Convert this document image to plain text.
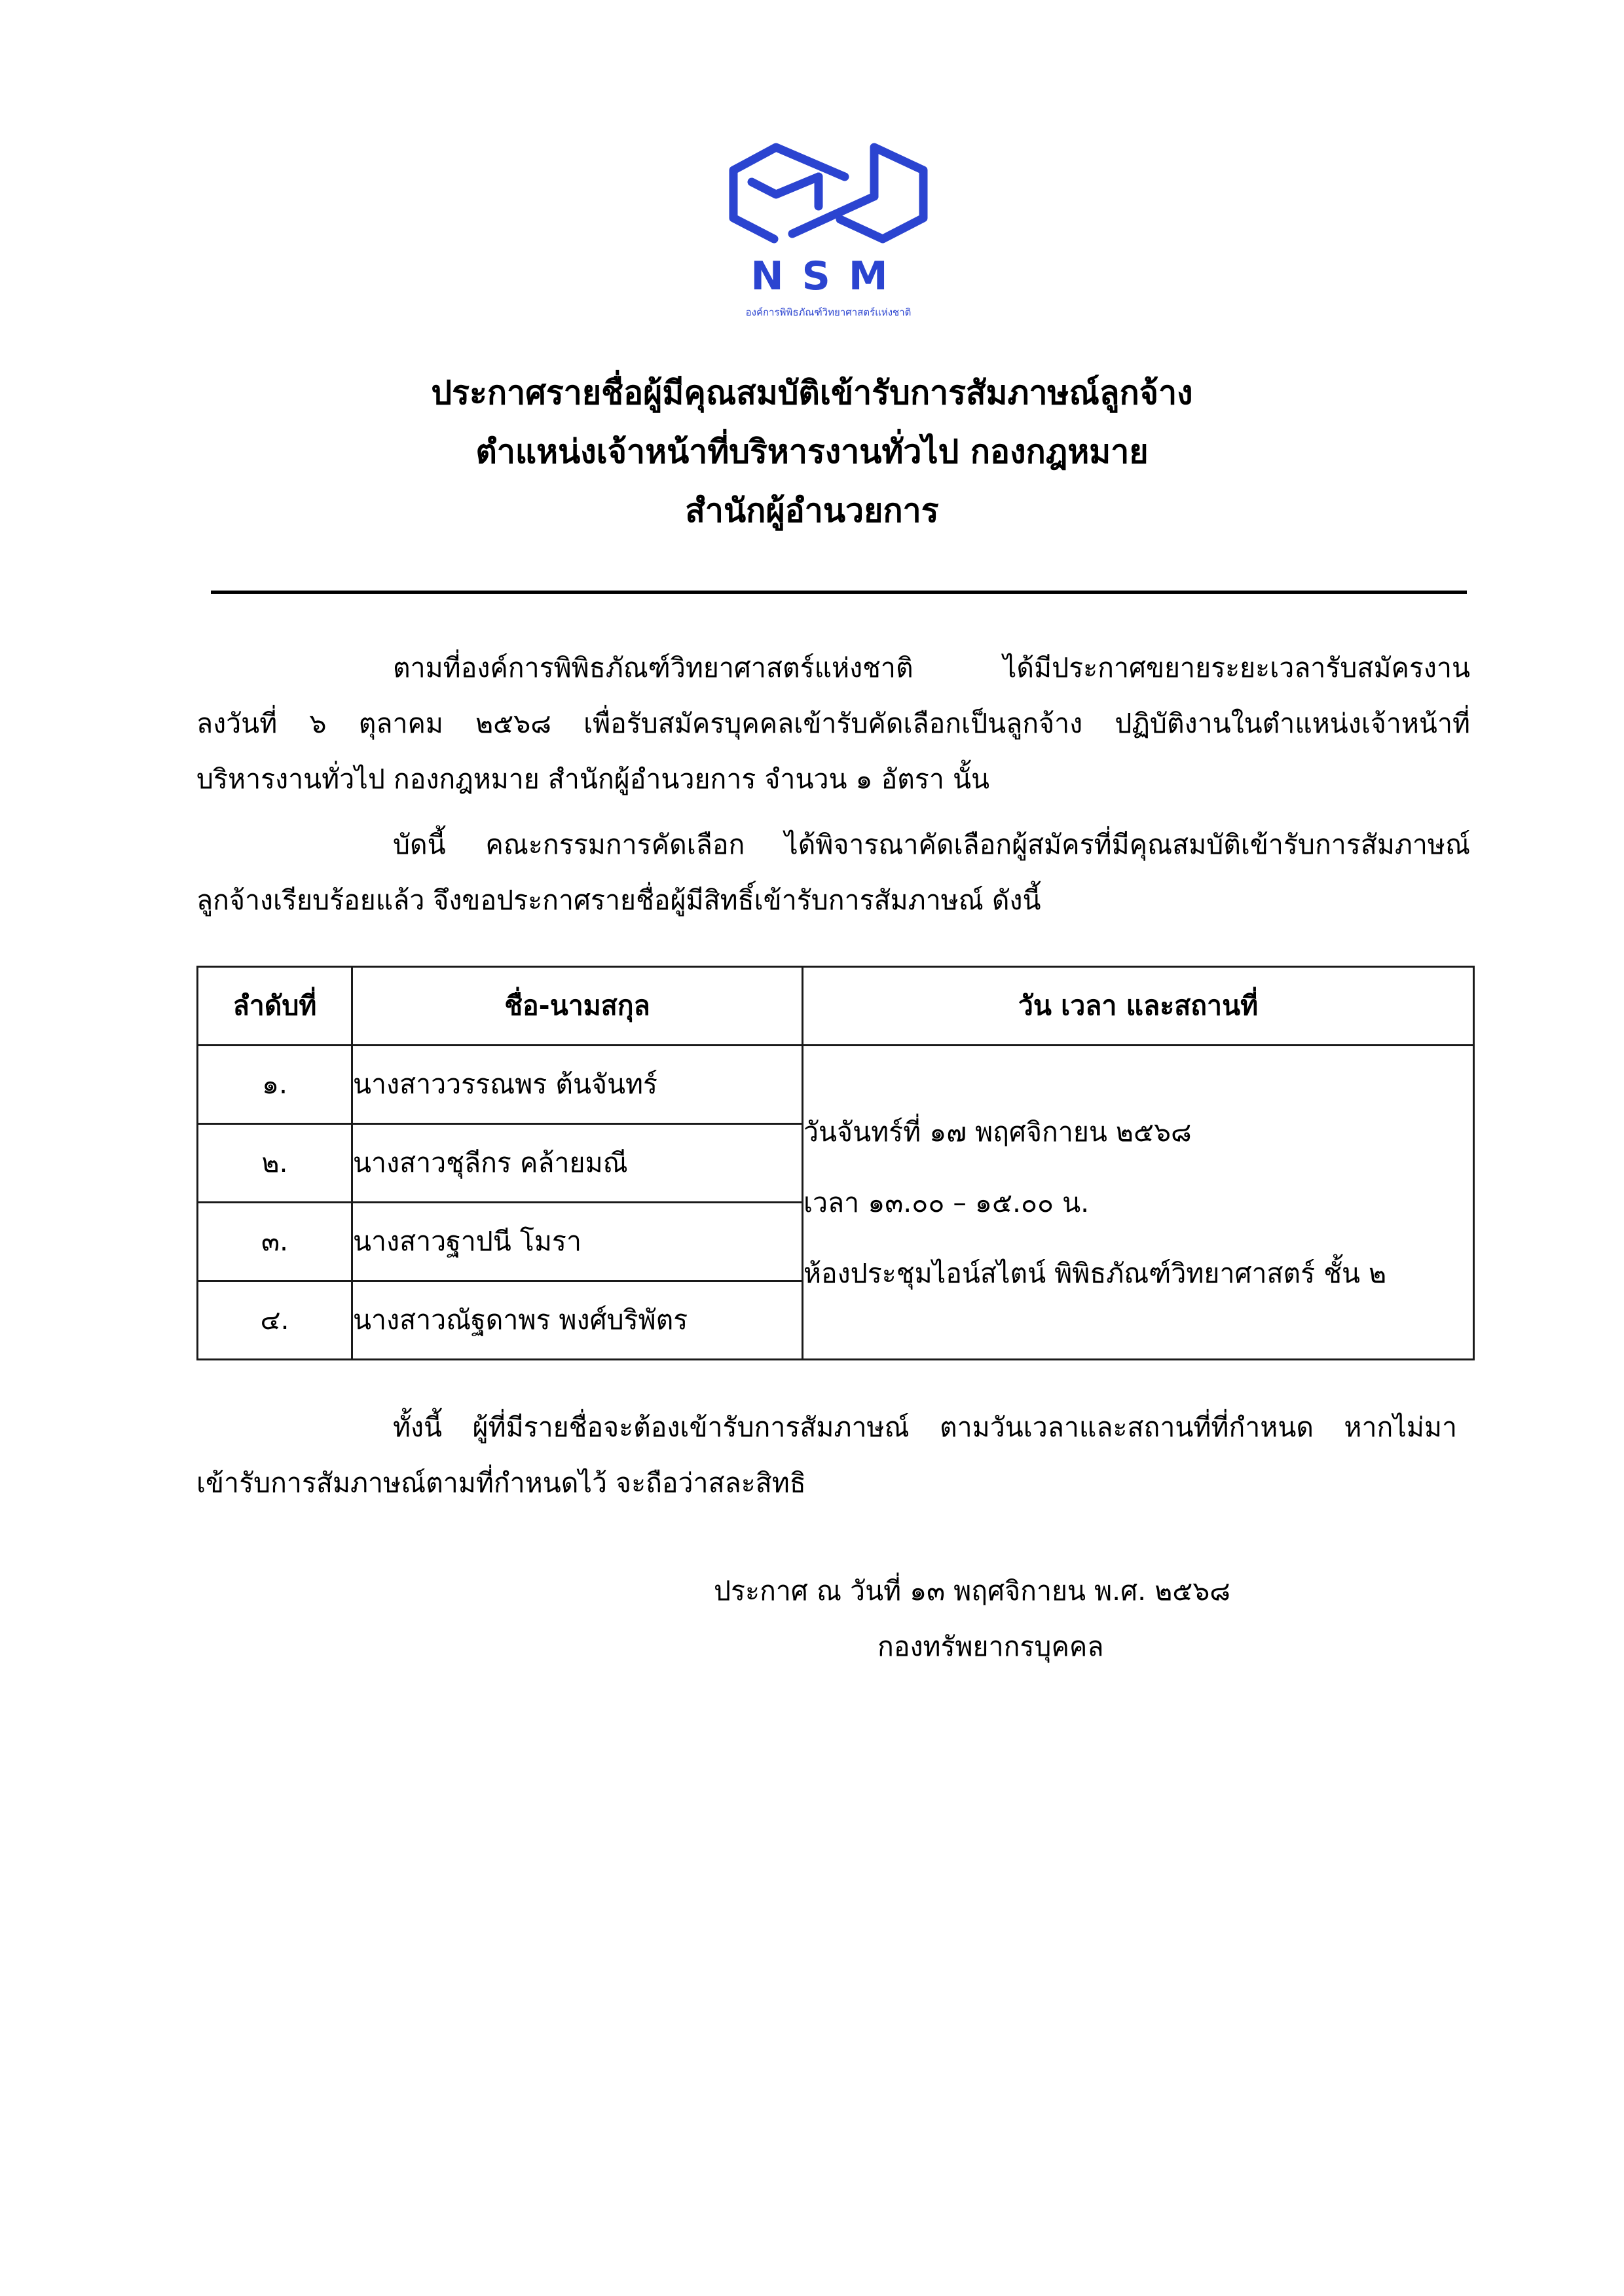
NSM
องค์การพิพิธภัณฑ์วิทยาศาสตร์แห่งชาติ
ประกาศรายชื่อผู้มีคุณสมบัติเข้ารับการสัมภาษณ์ลูกจ้าง
ตำแหน่งเจ้าหน้าที่บริหารงานทั่วไป กองกฎหมาย
สำนักผู้อำนวยการ
ตามที่องค์การพิพิธภัณฑ์วิทยาศาสตร์แห่งชาติ ได้มีประกาศขยายระยะเวลารับสมัครงาน
ลงวันที่ ๖ ตุลาคม ๒๕๖๘ เพื่อรับสมัครบุคคลเข้ารับคัดเลือกเป็นลูกจ้าง ปฏิบัติงานในตำแหน่งเจ้าหน้าที่
บริหารงานทั่วไป กองกฎหมาย สำนักผู้อำนวยการ จำนวน ๑ อัตรา นั้น
บัดนี้ คณะกรรมการคัดเลือก ได้พิจารณาคัดเลือกผู้สมัครที่มีคุณสมบัติเข้ารับการสัมภาษณ์
ลูกจ้างเรียบร้อยแล้ว จึงขอประกาศรายชื่อผู้มีสิทธิ์เข้ารับการสัมภาษณ์ ดังนี้
ลำดับที่	ชื่อ-นามสกุล	วัน เวลา และสถานที่
๑.	นางสาววรรณพร ต้นจันทร์	วันจันทร์ที่ ๑๗ พฤศจิกายน ๒๕๖๘
เวลา ๑๓.๐๐ – ๑๕.๐๐ น.
ห้องประชุมไอน์สไตน์ พิพิธภัณฑ์วิทยาศาสตร์ ชั้น ๒

๒.	นางสาวชุลีกร คล้ายมณี	
๓.	นางสาวฐาปนี โมรา	
๔.	นางสาวณัฐดาพร พงศ์บริพัตร	
ทั้งนี้ ผู้ที่มีรายชื่อจะต้องเข้ารับการสัมภาษณ์ ตามวันเวลาและสถานที่ที่กำหนด หากไม่มา
เข้ารับการสัมภาษณ์ตามที่กำหนดไว้ จะถือว่าสละสิทธิ
ประกาศ ณ วันที่ ๑๓ พฤศจิกายน พ.ศ. ๒๕๖๘
กองทรัพยากรบุคคล
